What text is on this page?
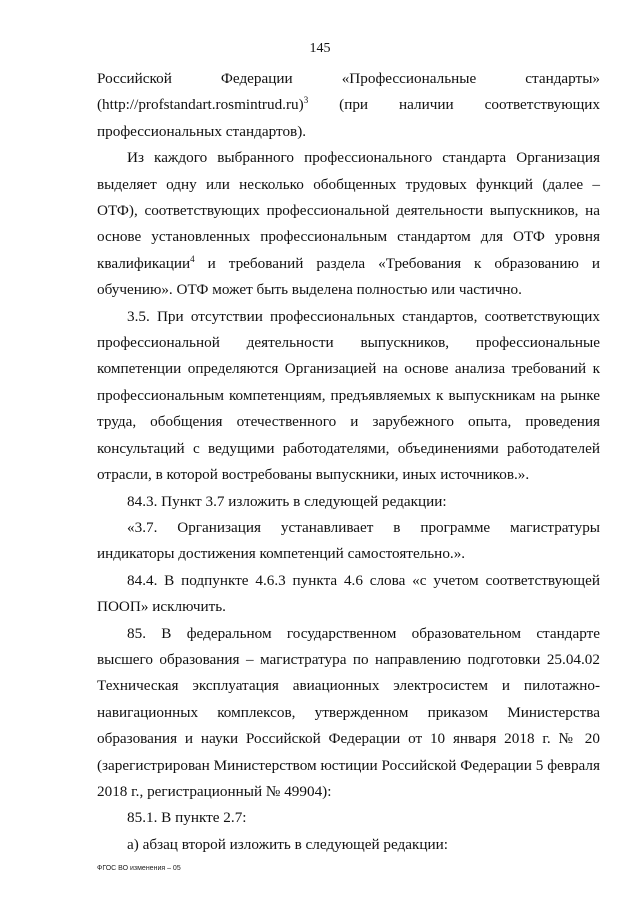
145
Российской Федерации «Профессиональные стандарты» (http://profstandart.rosmintrud.ru)$^3$ (при наличии соответствующих профессиональных стандартов).
Из каждого выбранного профессионального стандарта Организация выделяет одну или несколько обобщенных трудовых функций (далее – ОТФ), соответствующих профессиональной деятельности выпускников, на основе установленных профессиональным стандартом для ОТФ уровня квалификации$^4$ и требований раздела «Требования к образованию и обучению». ОТФ может быть выделена полностью или частично.
3.5. При отсутствии профессиональных стандартов, соответствующих профессиональной деятельности выпускников, профессиональные компетенции определяются Организацией на основе анализа требований к профессиональным компетенциям, предъявляемых к выпускникам на рынке труда, обобщения отечественного и зарубежного опыта, проведения консультаций с ведущими работодателями, объединениями работодателей отрасли, в которой востребованы выпускники, иных источников.».
84.3. Пункт 3.7 изложить в следующей редакции:
«3.7. Организация устанавливает в программе магистратуры индикаторы достижения компетенций самостоятельно.».
84.4. В подпункте 4.6.3 пункта 4.6 слова «с учетом соответствующей ПООП» исключить.
85. В федеральном государственном образовательном стандарте высшего образования – магистратура по направлению подготовки 25.04.02 Техническая эксплуатация авиационных электросистем и пилотажно-навигационных комплексов, утвержденном приказом Министерства образования и науки Российской Федерации от 10 января 2018 г. № 20 (зарегистрирован Министерством юстиции Российской Федерации 5 февраля 2018 г., регистрационный № 49904):
85.1. В пункте 2.7:
а) абзац второй изложить в следующей редакции:
ФГОС ВО изменения – 05
